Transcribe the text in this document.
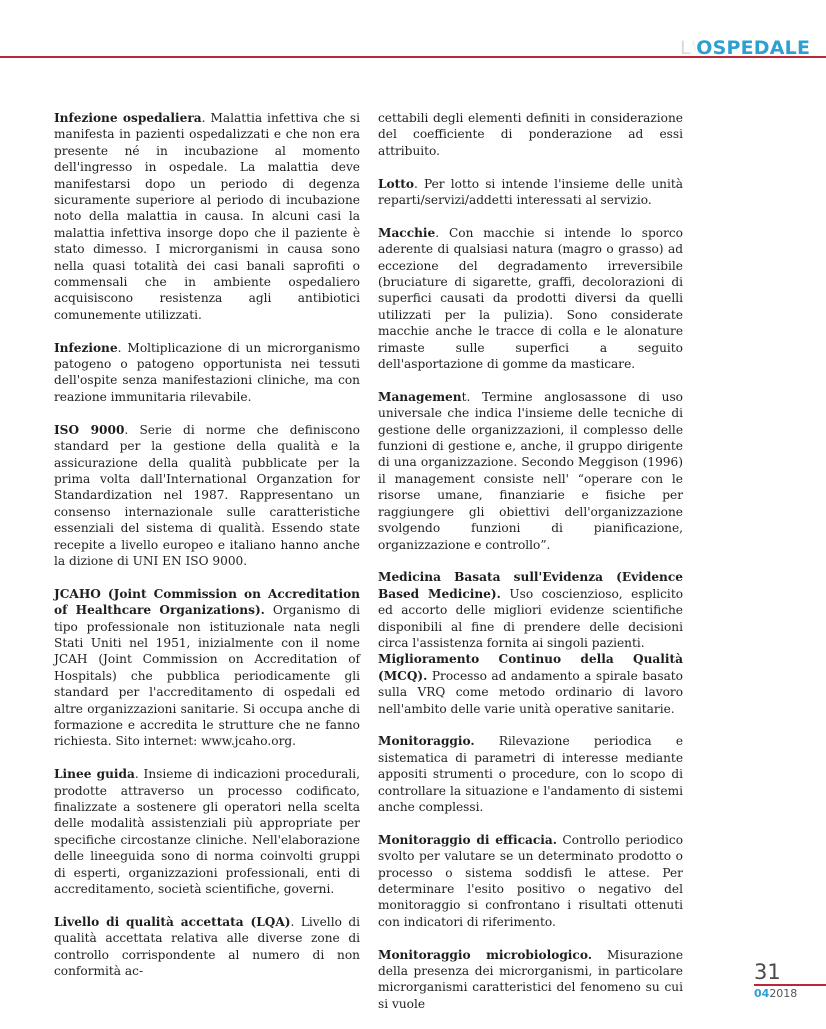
L'OSPEDALE

Infezione ospedaliera. Malattia infettiva che si manifesta in pazienti ospedalizzati e che non era presente né in incubazione al momento dell'ingresso in ospedale. La malattia deve manifestarsi dopo un periodo di degenza sicuramente superiore al periodo di incubazione noto della malattia in causa. In alcuni casi la malattia infettiva insorge dopo che il paziente è stato dimesso. I microrganismi in causa sono nella quasi totalità dei casi banali saprofiti o commensali che in ambiente ospedaliero acquisiscono resistenza agli antibiotici comunemente utilizzati.

Infezione. Moltiplicazione di un microrganismo patogeno o patogeno opportunista nei tessuti dell'ospite senza manifestazioni cliniche, ma con reazione immunitaria rilevabile.

ISO 9000. Serie di norme che definiscono standard per la gestione della qualità e la assicurazione della qualità pubblicate per la prima volta dall'International Organzation for Standardization nel 1987. Rappresentano un consenso internazionale sulle caratteristiche essenziali del sistema di qualità. Essendo state recepite a livello europeo e italiano hanno anche la dizione di UNI EN ISO 9000.

JCAHO (Joint Commission on Accreditation of Healthcare Organizations). Organismo di tipo professionale non istituzionale nata negli Stati Uniti nel 1951, inizialmente con il nome JCAH (Joint Commission on Accreditation of Hospitals) che pubblica periodicamente gli standard per l'accreditamento di ospedali ed altre organizzazioni sanitarie. Si occupa anche di formazione e accredita le strutture che ne fanno richiesta. Sito internet: www.jcaho.org.

Linee guida. Insieme di indicazioni procedurali, prodotte attraverso un processo codificato, finalizzate a sostenere gli operatori nella scelta delle modalità assistenziali più appropriate per specifiche circostanze cliniche. Nell'elaborazione delle lineeguida sono di norma coinvolti gruppi di esperti, organizzazioni professionali, enti di accreditamento, società scientifiche, governi.

Livello di qualità accettata (LQA). Livello di qualità accettata relativa alle diverse zone di controllo corrispondente al numero di non conformità ac-

cettabili degli elementi definiti in considerazione del coefficiente di ponderazione ad essi attribuito.

Lotto. Per lotto si intende l'insieme delle unità reparti/servizi/addetti interessati al servizio.

Macchie. Con macchie si intende lo sporco aderente di qualsiasi natura (magro o grasso) ad eccezione del degradamento irreversibile (bruciature di sigarette, graffi, decolorazioni di superfici causati da prodotti diversi da quelli utilizzati per la pulizia). Sono considerate macchie anche le tracce di colla e le alonature rimaste sulle superfici a seguito dell'asportazione di gomme da masticare.

Management. Termine anglosassone di uso universale che indica l'insieme delle tecniche di gestione delle organizzazioni, il complesso delle funzioni di gestione e, anche, il gruppo dirigente di una organizzazione. Secondo Meggison (1996) il management consiste nell' “operare con le risorse umane, finanziarie e fisiche per raggiungere gli obiettivi dell'organizzazione svolgendo funzioni di pianificazione, organizzazione e controllo”.

Medicina Basata sull'Evidenza (Evidence Based Medicine). Uso coscienzioso, esplicito ed accorto delle migliori evidenze scientifiche disponibili al fine di prendere delle decisioni circa l'assistenza fornita ai singoli pazienti.

Miglioramento Continuo della Qualità (MCQ). Processo ad andamento a spirale basato sulla VRQ come metodo ordinario di lavoro nell'ambito delle varie unità operative sanitarie.

Monitoraggio. Rilevazione periodica e sistematica di parametri di interesse mediante appositi strumenti o procedure, con lo scopo di controllare la situazione e l'andamento di sistemi anche complessi.

Monitoraggio di efficacia. Controllo periodico svolto per valutare se un determinato prodotto o processo o sistema soddisfi le attese. Per determinare l'esito positivo o negativo del monitoraggio si confrontano i risultati ottenuti con indicatori di riferimento.

Monitoraggio microbiologico. Misurazione della presenza dei microrganismi, in particolare microrganismi caratteristici del fenomeno su cui si vuole

31
042018
